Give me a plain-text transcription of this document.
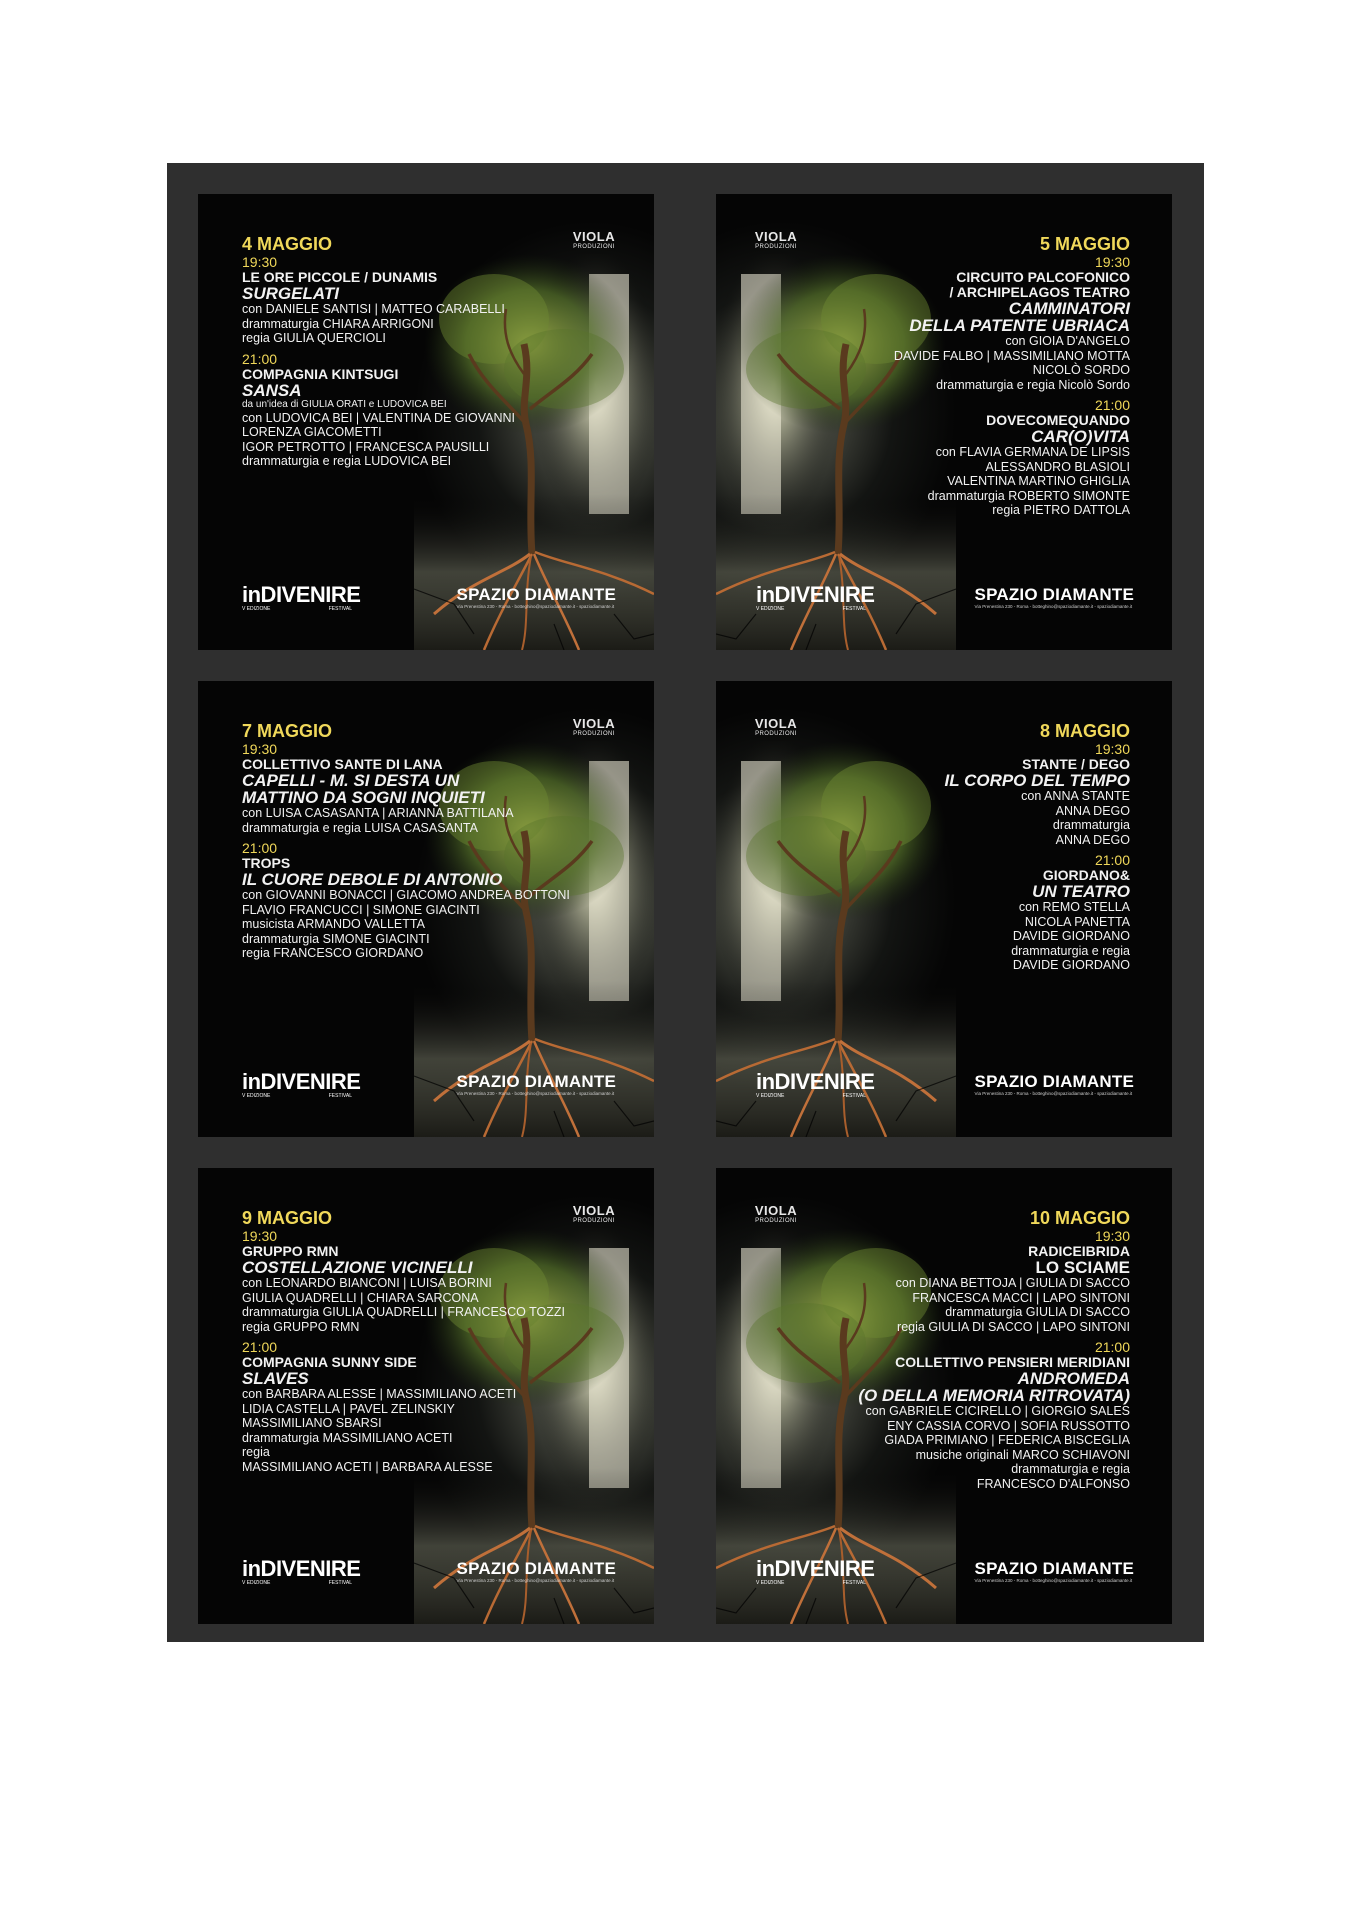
VIOLA
PRODUZIONI
4 MAGGIO
19:30
LE ORE PICCOLE / DUNAMIS
SURGELATI
con DANIELE SANTISI | MATTEO CARABELLI
drammaturgia CHIARA ARRIGONI
regia GIULIA QUERCIOLI
21:00
COMPAGNIA KINTSUGI
SANSA
da un'idea di GIULIA ORATI e LUDOVICA BEI
con LUDOVICA BEI | VALENTINA DE GIOVANNI
LORENZA GIACOMETTI
IGOR PETROTTO | FRANCESCA PAUSILLI
drammaturgia e regia LUDOVICA BEI
inDIVENIRE
V EDIZIONE	FESTIVAL
SPAZIO DIAMANTE
Via Prenestina 230 - Roma - botteghino@spaziodiamante.it - spaziodiamante.it
VIOLA
PRODUZIONI	5 MAGGIO
19:30
CIRCUITO PALCOFONICO
/ ARCHIPELAGOS TEATRO
CAMMINATORI
DELLA PATENTE UBRIACA
con GIOIA D'ANGELO
DAVIDE FALBO | MASSIMILIANO MOTTA
NICOLÒ SORDO
drammaturgia e regia Nicolò Sordo
21:00
DOVECOMEQUANDO
CAR(O)VITA
con FLAVIA GERMANA DE LIPSIS
ALESSANDRO BLASIOLI
VALENTINA MARTINO GHIGLIA
drammaturgia ROBERTO SIMONTE
regia PIETRO DATTOLA
inDIVENIRE
V EDIZIONE	FESTIVAL
SPAZIO DIAMANTE
Via Prenestina 230 - Roma - botteghino@spaziodiamante.it - spaziodiamante.it
VIOLA
PRODUZIONI
7 MAGGIO
19:30
COLLETTIVO SANTE DI LANA
CAPELLI - M. SI DESTA UN
MATTINO DA SOGNI INQUIETI
con LUISA CASASANTA | ARIANNA BATTILANA
drammaturgia e regia LUISA CASASANTA
21:00
TROPS
IL CUORE DEBOLE DI ANTONIO
con GIOVANNI BONACCI | GIACOMO ANDREA BOTTONI
FLAVIO FRANCUCCI | SIMONE GIACINTI
musicista ARMANDO VALLETTA
drammaturgia SIMONE GIACINTI
regia FRANCESCO GIORDANO
inDIVENIRE
V EDIZIONE	FESTIVAL
SPAZIO DIAMANTE
Via Prenestina 230 - Roma - botteghino@spaziodiamante.it - spaziodiamante.it
VIOLA
PRODUZIONI	8 MAGGIO
19:30
STANTE / DEGO
IL CORPO DEL TEMPO
con ANNA STANTE
ANNA DEGO
drammaturgia
ANNA DEGO
21:00
GIORDANO&
UN TEATRO
con REMO STELLA
NICOLA PANETTA
DAVIDE GIORDANO
drammaturgia e regia
DAVIDE GIORDANO
inDIVENIRE
V EDIZIONE	FESTIVAL
SPAZIO DIAMANTE
Via Prenestina 230 - Roma - botteghino@spaziodiamante.it - spaziodiamante.it
VIOLA
PRODUZIONI
9 MAGGIO
19:30
GRUPPO RMN
COSTELLAZIONE VICINELLI
con LEONARDO BIANCONI | LUISA BORINI
GIULIA QUADRELLI | CHIARA SARCONA
drammaturgia GIULIA QUADRELLI | FRANCESCO TOZZI
regia GRUPPO RMN
21:00
COMPAGNIA SUNNY SIDE
SLAVES
con BARBARA ALESSE | MASSIMILIANO ACETI
LIDIA CASTELLA | PAVEL ZELINSKIY
MASSIMILIANO SBARSI
drammaturgia MASSIMILIANO ACETI
regia
MASSIMILIANO ACETI | BARBARA ALESSE
inDIVENIRE
V EDIZIONE	FESTIVAL
SPAZIO DIAMANTE
Via Prenestina 230 - Roma - botteghino@spaziodiamante.it - spaziodiamante.it
VIOLA
PRODUZIONI	10 MAGGIO
19:30
RADICEIBRIDA
LO SCIAME
con DIANA BETTOJA | GIULIA DI SACCO
FRANCESCA MACCI | LAPO SINTONI
drammaturgia GIULIA DI SACCO
regia GIULIA DI SACCO | LAPO SINTONI
21:00
COLLETTIVO PENSIERI MERIDIANI
ANDROMEDA
(O DELLA MEMORIA RITROVATA)
con GABRIELE CICIRELLO | GIORGIO SALES
ENY CASSIA CORVO | SOFIA RUSSOTTO
GIADA PRIMIANO | FEDERICA BISCEGLIA
musiche originali MARCO SCHIAVONI
drammaturgia e regia
FRANCESCO D'ALFONSO
inDIVENIRE
V EDIZIONE	FESTIVAL
SPAZIO DIAMANTE
Via Prenestina 230 - Roma - botteghino@spaziodiamante.it - spaziodiamante.it
